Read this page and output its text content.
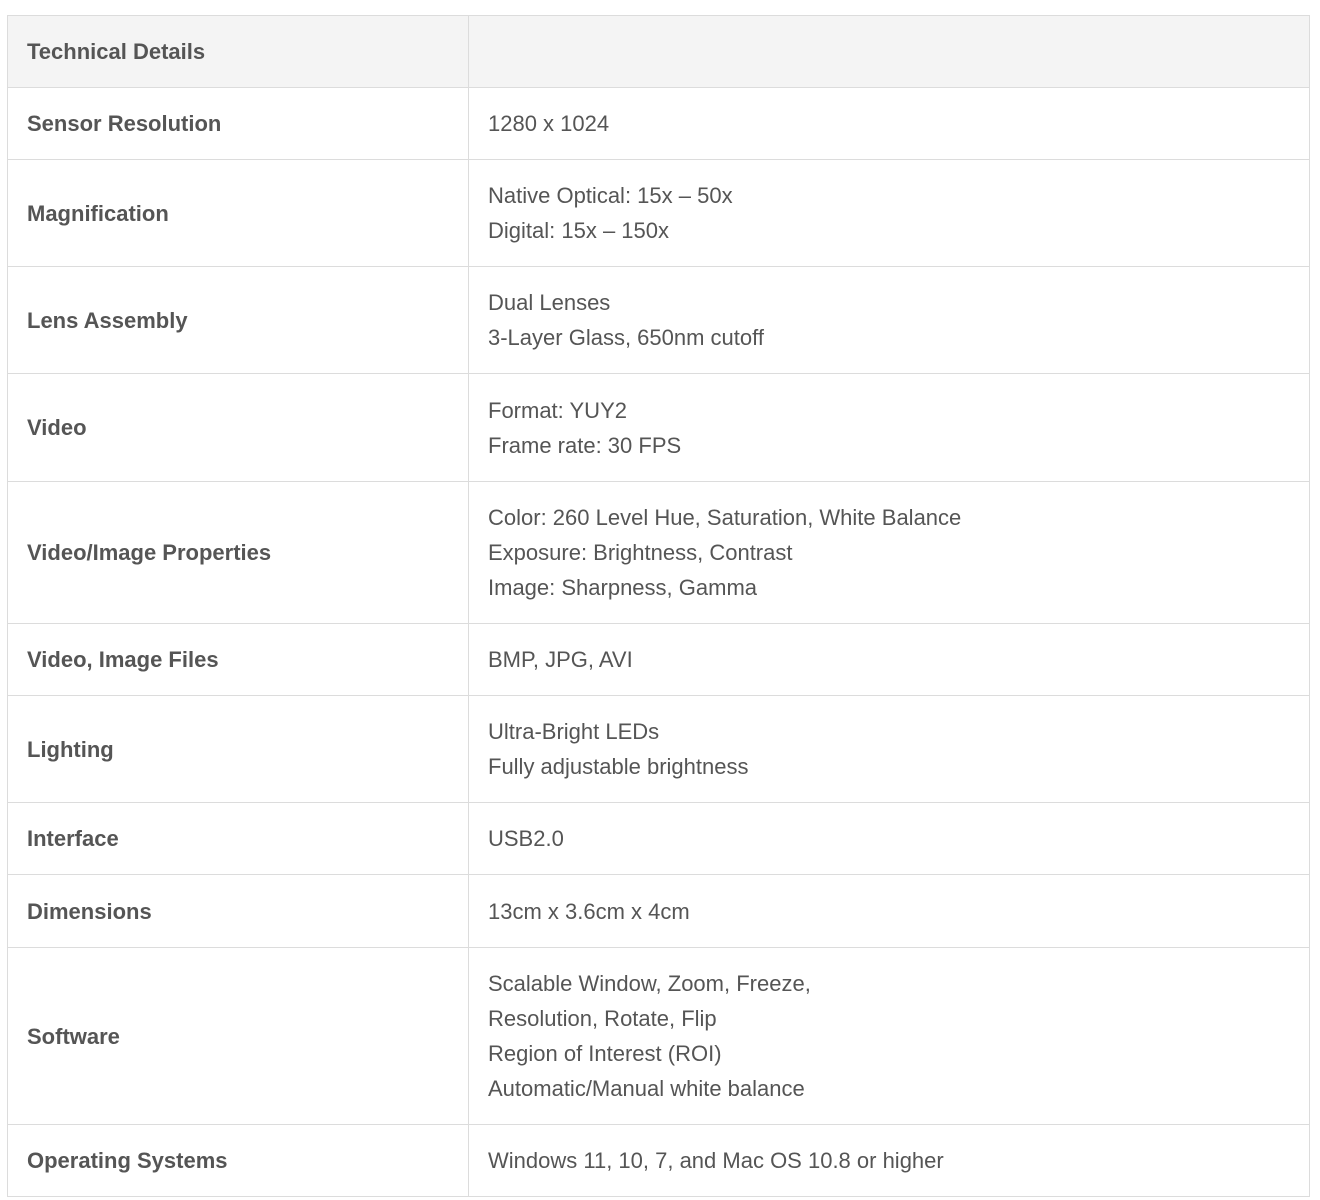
Technical Details	
Sensor Resolution	1280 x 1024

Magnification	Native Optical: 15x – 50x
Digital: 15x – 150x

Lens Assembly	Dual Lenses
3-Layer Glass, 650nm cutoff

Video	Format: YUY2
Frame rate: 30 FPS

Video/Image Properties	Color: 260 Level Hue, Saturation, White Balance
Exposure: Brightness, Contrast
Image: Sharpness, Gamma

Video, Image Files	BMP, JPG, AVI

Lighting	Ultra-Bright LEDs
Fully adjustable brightness

Interface	USB2.0

Dimensions	13cm x 3.6cm x 4cm

Software	Scalable Window, Zoom, Freeze,
Resolution, Rotate, Flip
Region of Interest (ROI)
Automatic/Manual white balance

Operating Systems	Windows 11, 10, 7, and Mac OS 10.8 or higher
